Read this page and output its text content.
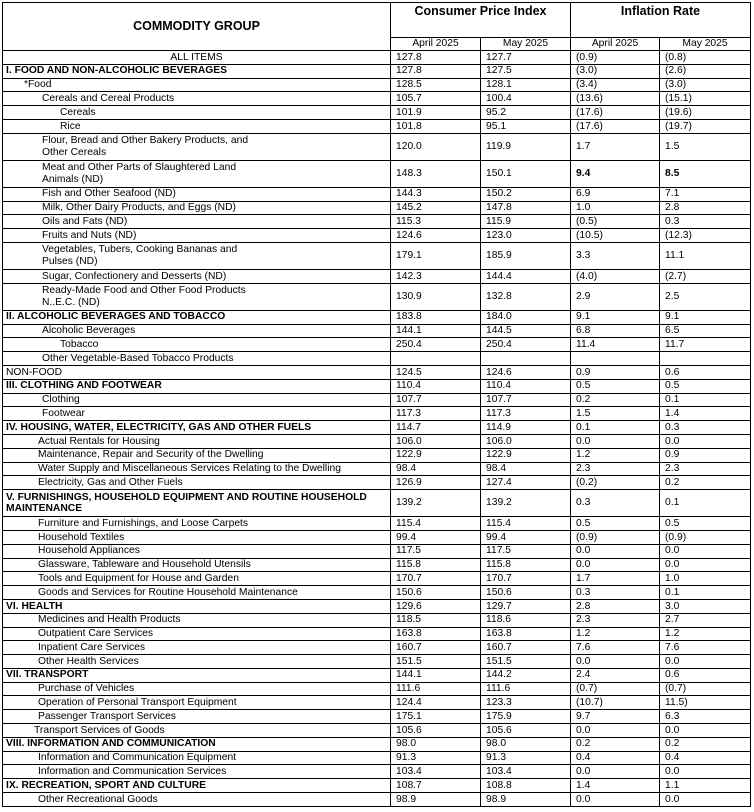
COMMODITY GROUP	Consumer Price Index		Inflation Rate	
	April 2025	May 2025	April 2025	May 2025
ALL ITEMS	127.8	127.7	(0.9)	(0.8)
I. FOOD AND NON-ALCOHOLIC BEVERAGES	127.8	127.5	(3.0)	(2.6)
*Food	128.5	128.1	(3.4)	(3.0)
Cereals and Cereal Products	105.7	100.4	(13.6)	(15.1)
Cereals	101.9	95.2	(17.6)	(19.6)
Rice	101.8	95.1	(17.6)	(19.7)
Flour, Bread and Other Bakery Products, and Other Cereals	120.0	119.9	1.7	1.5
Meat and Other Parts of Slaughtered Land Animals (ND)	148.3	150.1	9.4	8.5
Fish and Other Seafood (ND)	144.3	150.2	6.9	7.1
Milk, Other Dairy Products, and Eggs (ND)	145.2	147.8	1.0	2.8
Oils and Fats (ND)	115.3	115.9	(0.5)	0.3
Fruits and Nuts (ND)	124.6	123.0	(10.5)	(12.3)
Vegetables, Tubers, Cooking Bananas and Pulses (ND)	179.1	185.9	3.3	11.1
Sugar, Confectionery and Desserts (ND)	142.3	144.4	(4.0)	(2.7)
Ready-Made Food and Other Food Products N..E.C. (ND)	130.9	132.8	2.9	2.5
II. ALCOHOLIC BEVERAGES AND TOBACCO	183.8	184.0	9.1	9.1
Alcoholic Beverages	144.1	144.5	6.8	6.5
Tobacco	250.4	250.4	11.4	11.7
Other Vegetable-Based Tobacco Products				
NON-FOOD	124.5	124.6	0.9	0.6
III. CLOTHING AND FOOTWEAR	110.4	110.4	0.5	0.5
Clothing	107.7	107.7	0.2	0.1
Footwear	117.3	117.3	1.5	1.4
IV. HOUSING, WATER, ELECTRICITY, GAS AND OTHER FUELS	114.7	114.9	0.1	0.3
Actual Rentals for Housing	106.0	106.0	0.0	0.0
Maintenance, Repair and Security of the Dwelling	122.9	122.9	1.2	0.9
Water Supply and Miscellaneous Services Relating to the Dwelling	98.4	98.4	2.3	2.3
Electricity, Gas and Other Fuels	126.9	127.4	(0.2)	0.2
V. FURNISHINGS, HOUSEHOLD EQUIPMENT AND ROUTINE HOUSEHOLD MAINTENANCE	139.2	139.2	0.3	0.1
Furniture and Furnishings, and Loose Carpets	115.4	115.4	0.5	0.5
Household Textiles	99.4	99.4	(0.9)	(0.9)
Household Appliances	117.5	117.5	0.0	0.0
Glassware, Tableware and Household Utensils	115.8	115.8	0.0	0.0
Tools and Equipment for House and Garden	170.7	170.7	1.7	1.0
Goods and Services for Routine Household Maintenance	150.6	150.6	0.3	0.1
VI. HEALTH	129.6	129.7	2.8	3.0
Medicines and Health Products	118.5	118.6	2.3	2.7
Outpatient Care Services	163.8	163.8	1.2	1.2
Inpatient Care Services	160.7	160.7	7.6	7.6
Other Health Services	151.5	151.5	0.0	0.0
VII. TRANSPORT	144.1	144.2	2.4	0.6
Purchase of Vehicles	111.6	111.6	(0.7)	(0.7)
Operation of Personal Transport Equipment	124.4	123.3	(10.7)	11.5)
Passenger Transport Services	175.1	175.9	9.7	6.3
Transport Services of Goods	105.6	105.6	0.0	0.0
VIII. INFORMATION AND COMMUNICATION	98.0	98.0	0.2	0.2
Information and Communication Equipment	91.3	91.3	0.4	0.4
Information and Communication Services	103.4	103.4	0.0	0.0
IX. RECREATION, SPORT AND CULTURE	108.7	108.8	1.4	1.1
Other Recreational Goods	98.9	98.9	0.0	0.0
